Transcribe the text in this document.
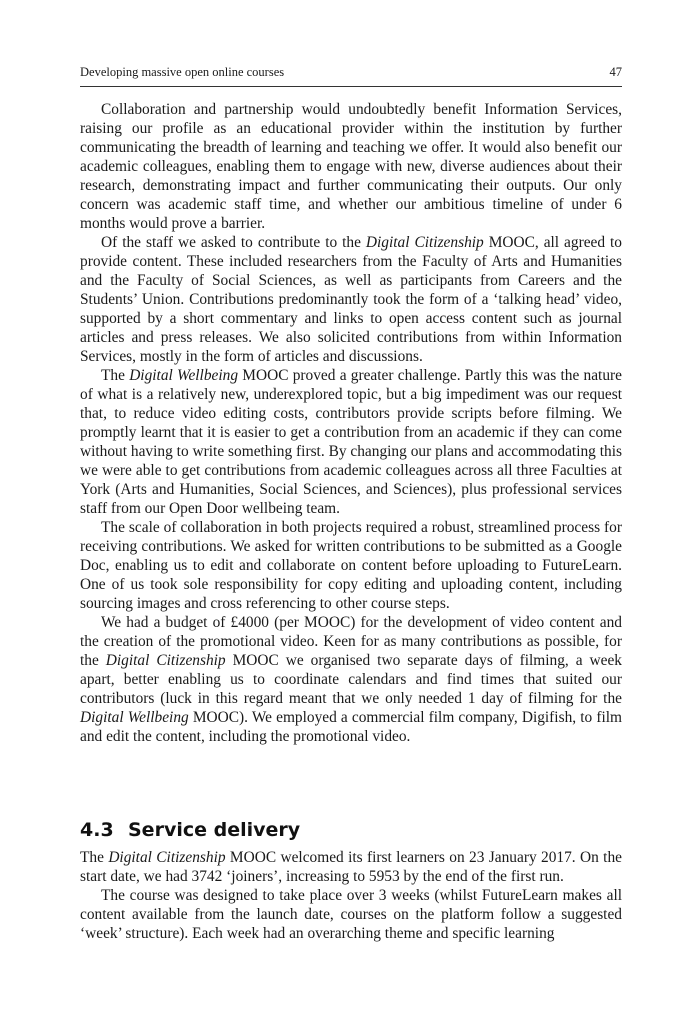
Developing massive open online courses	47

Collaboration and partnership would undoubtedly benefit Information Services, raising our profile as an educational provider within the institution by further communicating the breadth of learning and teaching we offer. It would also benefit our academic colleagues, enabling them to engage with new, diverse audiences about their research, demonstrating impact and further communicating their outputs. Our only concern was academic staff time, and whether our ambitious timeline of under 6 months would prove a barrier.

Of the staff we asked to contribute to the Digital Citizenship MOOC, all agreed to provide content. These included researchers from the Faculty of Arts and Humanities and the Faculty of Social Sciences, as well as participants from Careers and the Students’ Union. Contributions predominantly took the form of a ‘talking head’ video, supported by a short commentary and links to open access content such as journal articles and press releases. We also solicited contributions from within Information Services, mostly in the form of articles and discussions.

The Digital Wellbeing MOOC proved a greater challenge. Partly this was the nature of what is a relatively new, underexplored topic, but a big impediment was our request that, to reduce video editing costs, contributors provide scripts before filming. We promptly learnt that it is easier to get a contribution from an academic if they can come without having to write something first. By changing our plans and accommodating this we were able to get contributions from academic colleagues across all three Faculties at York (Arts and Humanities, Social Sciences, and Sciences), plus professional services staff from our Open Door wellbeing team.

The scale of collaboration in both projects required a robust, streamlined process for receiving contributions. We asked for written contributions to be submitted as a Google Doc, enabling us to edit and collaborate on content before uploading to FutureLearn. One of us took sole responsibility for copy editing and uploading content, including sourcing images and cross referencing to other course steps.

We had a budget of £4000 (per MOOC) for the development of video content and the creation of the promotional video. Keen for as many contributions as possible, for the Digital Citizenship MOOC we organised two separate days of filming, a week apart, better enabling us to coordinate calendars and find times that suited our contributors (luck in this regard meant that we only needed 1 day of filming for the Digital Wellbeing MOOC). We employed a commercial film company, Digifish, to film and edit the content, including the promotional video.

4.3 Service delivery

The Digital Citizenship MOOC welcomed its first learners on 23 January 2017. On the start date, we had 3742 ‘joiners’, increasing to 5953 by the end of the first run.

The course was designed to take place over 3 weeks (whilst FutureLearn makes all content available from the launch date, courses on the platform follow a suggested ‘week’ structure). Each week had an overarching theme and specific learning
